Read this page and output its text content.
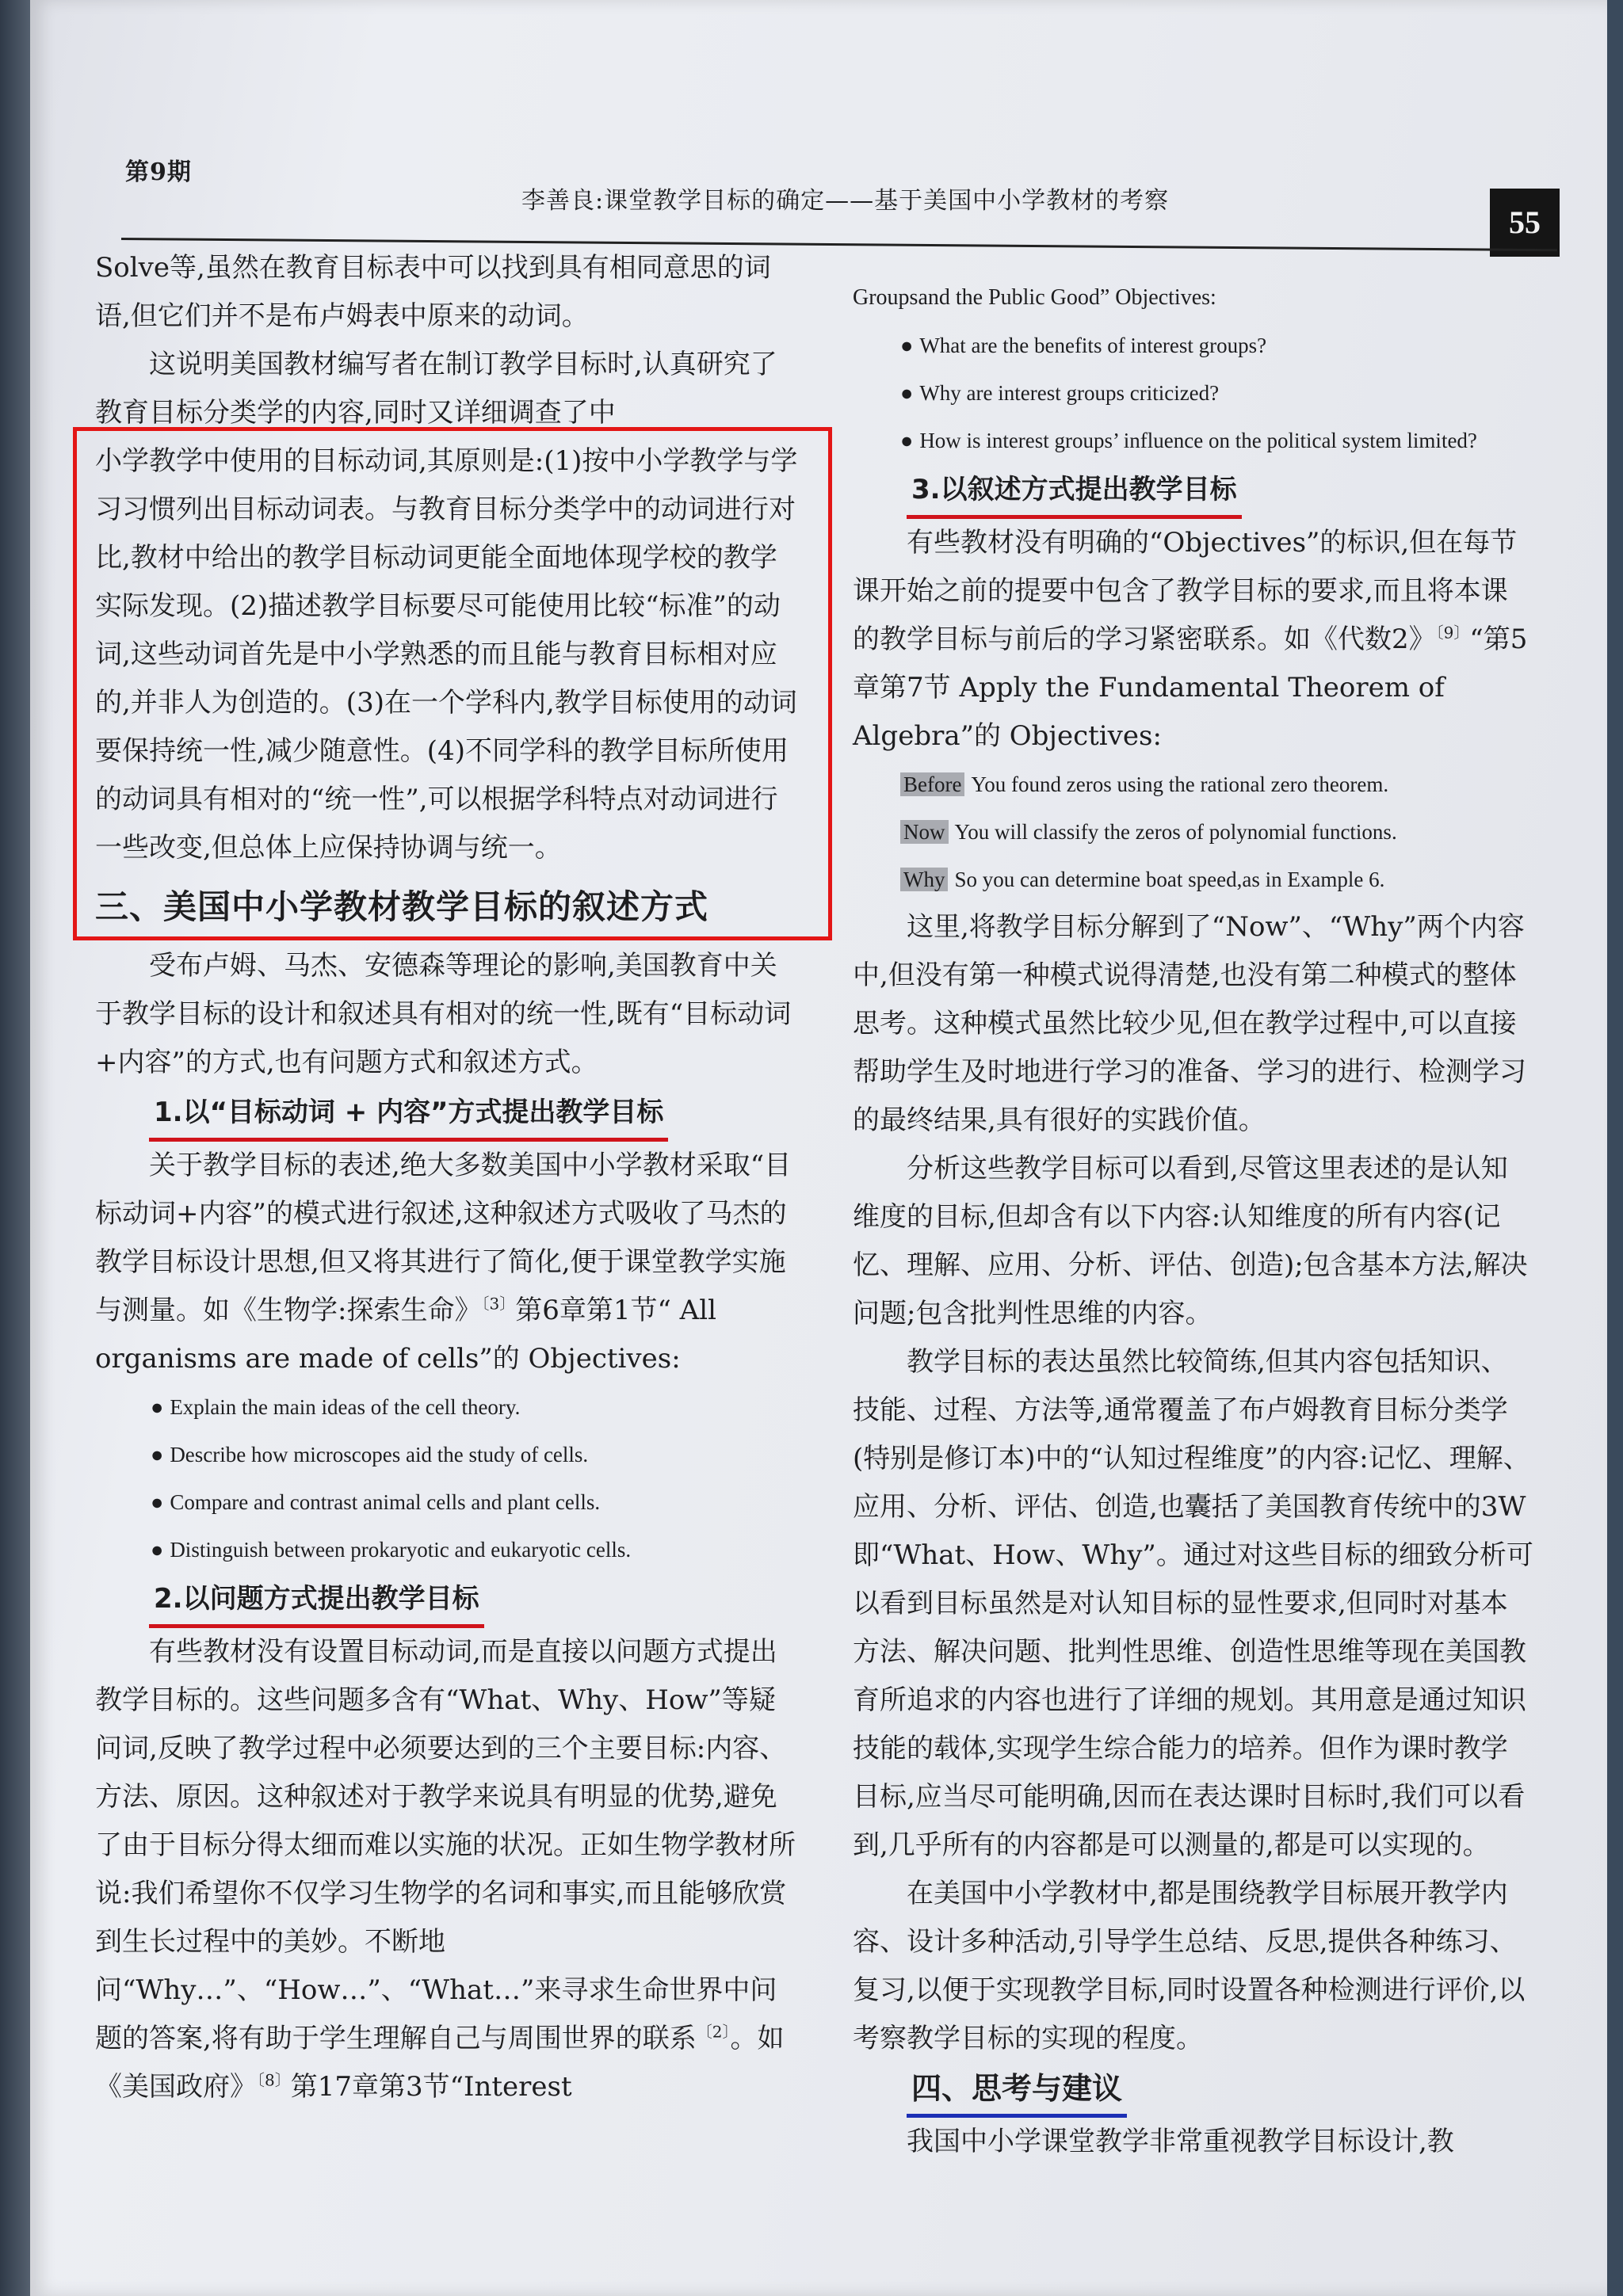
第9期
李善良:课堂教学目标的确定——基于美国中小学教材的考察
55

Solve等,虽然在教育目标表中可以找到具有相同意思的词语,但它们并不是布卢姆表中原来的动词。

这说明美国教材编写者在制订教学目标时,认真研究了教育目标分类学的内容,同时又详细调查了中

小学教学中使用的目标动词,其原则是:(1)按中小学教学与学习习惯列出目标动词表。与教育目标分类学中的动词进行对比,教材中给出的教学目标动词更能全面地体现学校的教学实际发现。(2)描述教学目标要尽可能使用比较“标准”的动词,这些动词首先是中小学熟悉的而且能与教育目标相对应的,并非人为创造的。(3)在一个学科内,教学目标使用的动词要保持统一性,减少随意性。(4)不同学科的教学目标所使用的动词具有相对的“统一性”,可以根据学科特点对动词进行一些改变,但总体上应保持协调与统一。

三、美国中小学教材教学目标的叙述方式

受布卢姆、马杰、安德森等理论的影响,美国教育中关于教学目标的设计和叙述具有相对的统一性,既有“目标动词+内容”的方式,也有问题方式和叙述方式。

1.以“目标动词 + 内容”方式提出教学目标

关于教学目标的表述,绝大多数美国中小学教材采取“目标动词+内容”的模式进行叙述,这种叙述方式吸收了马杰的教学目标设计思想,但又将其进行了简化,便于课堂教学实施与测量。如《生物学:探索生命》$^{〔3〕}$第6章第1节“ All organisms are made of cells”的 Objectives:

● Explain the main ideas of the cell theory.
● Describe how microscopes aid the study of cells.
● Compare and contrast animal cells and plant cells.
● Distinguish between prokaryotic and eukaryotic cells.
2.以问题方式提出教学目标

有些教材没有设置目标动词,而是直接以问题方式提出教学目标的。这些问题多含有“What、Why、How”等疑问词,反映了教学过程中必须要达到的三个主要目标:内容、方法、原因。这种叙述对于教学来说具有明显的优势,避免了由于目标分得太细而难以实施的状况。正如生物学教材所说:我们希望你不仅学习生物学的名词和事实,而且能够欣赏到生长过程中的美妙。不断地问“Why…”、“How…”、“What…”来寻求生命世界中问题的答案,将有助于学生理解自己与周围世界的联系$^{〔2〕}$。如《美国政府》$^{〔8〕}$第17章第3节“Interest

Groupsand the Public Good” Objectives:

● What are the benefits of interest groups?
● Why are interest groups criticized?
● How is interest groups’ influence on the political system limited?
3.以叙述方式提出教学目标

有些教材没有明确的“Objectives”的标识,但在每节课开始之前的提要中包含了教学目标的要求,而且将本课的教学目标与前后的学习紧密联系。如《代数2》$^{〔9〕}$“第5章第7节 Apply the Fundamental Theorem of Algebra”的 Objectives:

Before You found zeros using the rational zero theorem.
Now You will classify the zeros of polynomial functions.
Why So you can determine boat speed,as in Example 6.

这里,将教学目标分解到了“Now”、“Why”两个内容中,但没有第一种模式说得清楚,也没有第二种模式的整体思考。这种模式虽然比较少见,但在教学过程中,可以直接帮助学生及时地进行学习的准备、学习的进行、检测学习的最终结果,具有很好的实践价值。

分析这些教学目标可以看到,尽管这里表述的是认知维度的目标,但却含有以下内容:认知维度的所有内容(记忆、理解、应用、分析、评估、创造);包含基本方法,解决问题;包含批判性思维的内容。

教学目标的表达虽然比较简练,但其内容包括知识、技能、过程、方法等,通常覆盖了布卢姆教育目标分类学(特别是修订本)中的“认知过程维度”的内容:记忆、理解、应用、分析、评估、创造,也囊括了美国教育传统中的3W即“What、How、Why”。通过对这些目标的细致分析可以看到目标虽然是对认知目标的显性要求,但同时对基本方法、解决问题、批判性思维、创造性思维等现在美国教育所追求的内容也进行了详细的规划。其用意是通过知识技能的载体,实现学生综合能力的培养。但作为课时教学目标,应当尽可能明确,因而在表达课时目标时,我们可以看到,几乎所有的内容都是可以测量的,都是可以实现的。

在美国中小学教材中,都是围绕教学目标展开教学内容、设计多种活动,引导学生总结、反思,提供各种练习、复习,以便于实现教学目标,同时设置各种检测进行评价,以考察教学目标的实现的程度。

四、思考与建议

我国中小学课堂教学非常重视教学目标设计,教
